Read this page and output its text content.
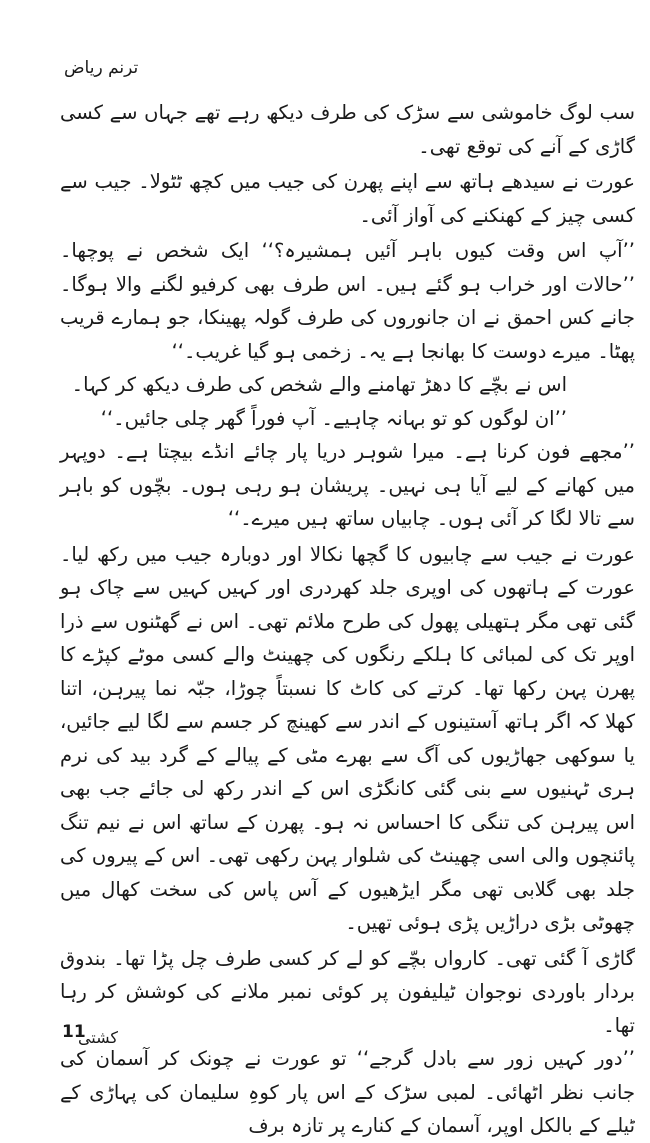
ترنم ریاض

سب لوگ خاموشی سے سڑک کی طرف دیکھ رہے تھے جہاں سے کسی گاڑی کے آنے کی توقع تھی۔

عورت نے سیدھے ہاتھ سے اپنے پھرن کی جیب میں کچھ ٹٹولا۔ جیب سے کسی چیز کے کھنکنے کی آواز آئی۔

’’آپ اس وقت کیوں باہر آئیں ہمشیرہ؟‘‘ ایک شخص نے پوچھا۔ ’’حالات اور خراب ہو گئے ہیں۔ اس طرف بھی کرفیو لگنے والا ہوگا۔ جانے کس احمق نے ان جانوروں کی طرف گولہ پھینکا، جو ہمارے قریب پھٹا۔ میرے دوست کا بھانجا ہے یہ۔ زخمی ہو گیا غریب۔‘‘

اس نے بچّے کا دھڑ تھامنے والے شخص کی طرف دیکھ کر کہا۔

’’ان لوگوں کو تو بہانہ چاہیے۔ آپ فوراً گھر چلی جائیں۔‘‘

’’مجھے فون کرنا ہے۔ میرا شوہر دریا پار چائے انڈے بیچتا ہے۔ دوپہر میں کھانے کے لیے آیا ہی نہیں۔ پریشان ہو رہی ہوں۔ بچّوں کو باہر سے تالا لگا کر آئی ہوں۔ چابیاں ساتھ ہیں میرے۔‘‘

عورت نے جیب سے چابیوں کا گچھا نکالا اور دوبارہ جیب میں رکھ لیا۔ عورت کے ہاتھوں کی اوپری جلد کھردری اور کہیں کہیں سے چاک ہو گئی تھی مگر ہتھیلی پھول کی طرح ملائم تھی۔ اس نے گھٹنوں سے ذرا اوپر تک کی لمبائی کا ہلکے رنگوں کی چھینٹ والے کسی موٹے کپڑے کا پھرن پہن رکھا تھا۔ کرتے کی کاٹ کا نسبتاً چوڑا، جبّہ نما پیرہن، اتنا کھلا کہ اگر ہاتھ آستینوں کے اندر سے کھینچ کر جسم سے لگا لیے جائیں، یا سوکھی جھاڑیوں کی آگ سے بھرے مٹی کے پیالے کے گرد بید کی نرم ہری ٹہنیوں سے بنی گئی کانگڑی اس کے اندر رکھ لی جائے جب بھی اس پیرہن کی تنگی کا احساس نہ ہو۔ پھرن کے ساتھ اس نے نیم تنگ پائنچوں والی اسی چھینٹ کی شلوار پہن رکھی تھی۔ اس کے پیروں کی جلد بھی گلابی تھی مگر ایڑھیوں کے آس پاس کی سخت کھال میں چھوٹی بڑی دراڑیں پڑی ہوئی تھیں۔

گاڑی آ گئی تھی۔ کارواں بچّے کو لے کر کسی طرف چل پڑا تھا۔ بندوق بردار باوردی نوجوان ٹیلیفون پر کوئی نمبر ملانے کی کوشش کر رہا تھا۔

’’دور کہیں زور سے بادل گرجے‘‘ تو عورت نے چونک کر آسمان کی جانب نظر اٹھائی۔ لمبی سڑک کے اس پار کوہِ سلیمان کی پہاڑی کے ٹیلے کے بالکل اوپر، آسمان کے کنارے پر تازہ برف

11
کشتی
